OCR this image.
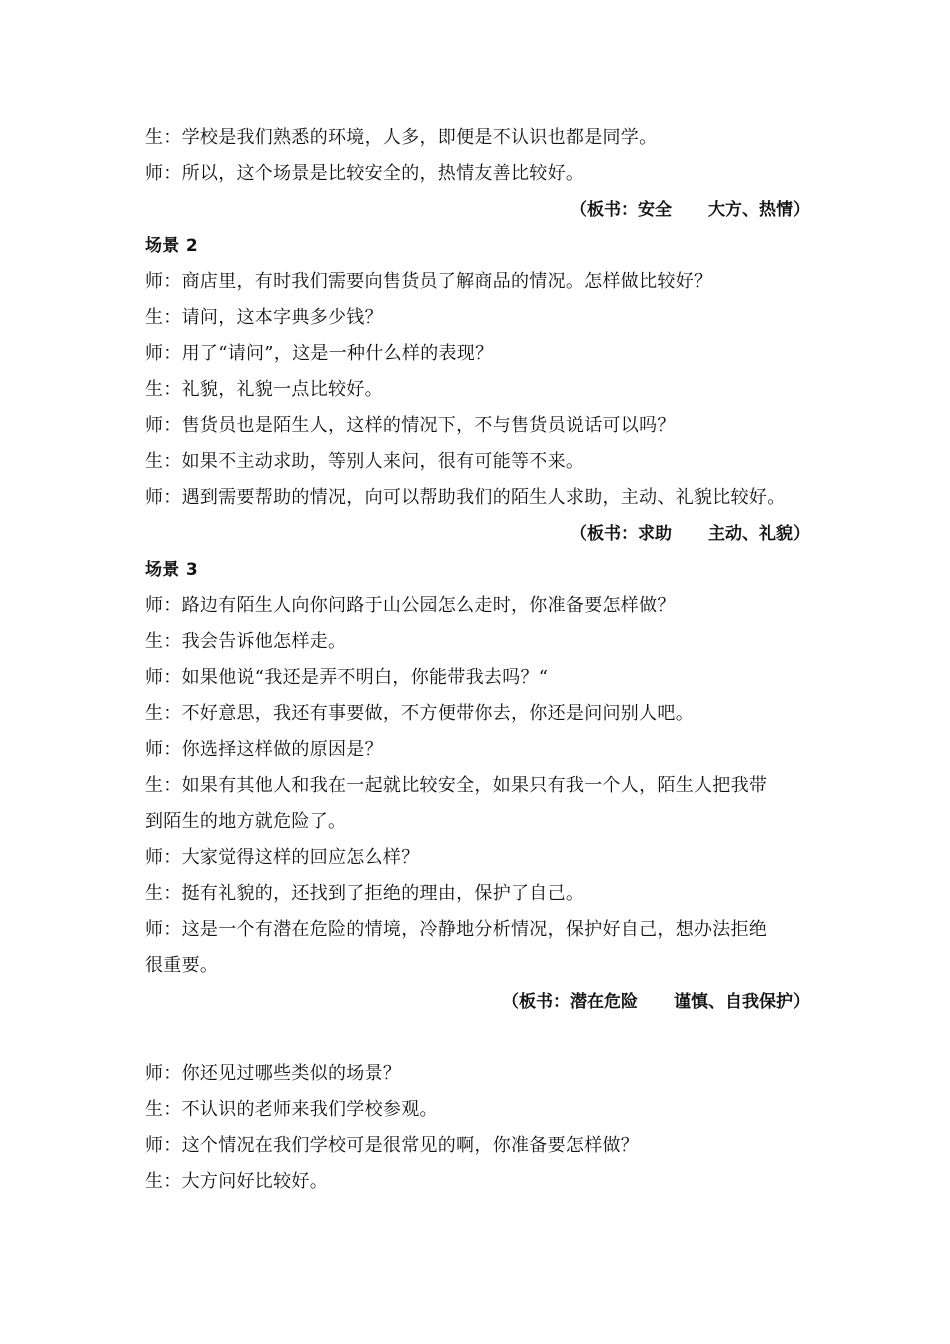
生：学校是我们熟悉的环境，人多，即便是不认识也都是同学。
师：所以，这个场景是比较安全的，热情友善比较好。
（板书：安全 大方、热情）
场景 2
师：商店里，有时我们需要向售货员了解商品的情况。怎样做比较好？
生：请问，这本字典多少钱？
师：用了“请问”，这是一种什么样的表现？
生：礼貌，礼貌一点比较好。
师：售货员也是陌生人，这样的情况下，不与售货员说话可以吗？
生：如果不主动求助，等别人来问，很有可能等不来。
师：遇到需要帮助的情况，向可以帮助我们的陌生人求助，主动、礼貌比较好。
（板书：求助 主动、礼貌）
场景 3
师：路边有陌生人向你问路于山公园怎么走时，你准备要怎样做？
生：我会告诉他怎样走。
师：如果他说“我还是弄不明白，你能带我去吗？“
生：不好意思，我还有事要做，不方便带你去，你还是问问别人吧。
师：你选择这样做的原因是？
生：如果有其他人和我在一起就比较安全，如果只有我一个人，陌生人把我带
到陌生的地方就危险了。
师：大家觉得这样的回应怎么样？
生：挺有礼貌的，还找到了拒绝的理由，保护了自己。
师：这是一个有潜在危险的情境，冷静地分析情况，保护好自己，想办法拒绝
很重要。
（板书：潜在危险 谨慎、自我保护）
师：你还见过哪些类似的场景？
生：不认识的老师来我们学校参观。
师：这个情况在我们学校可是很常见的啊，你准备要怎样做？
生：大方问好比较好。
